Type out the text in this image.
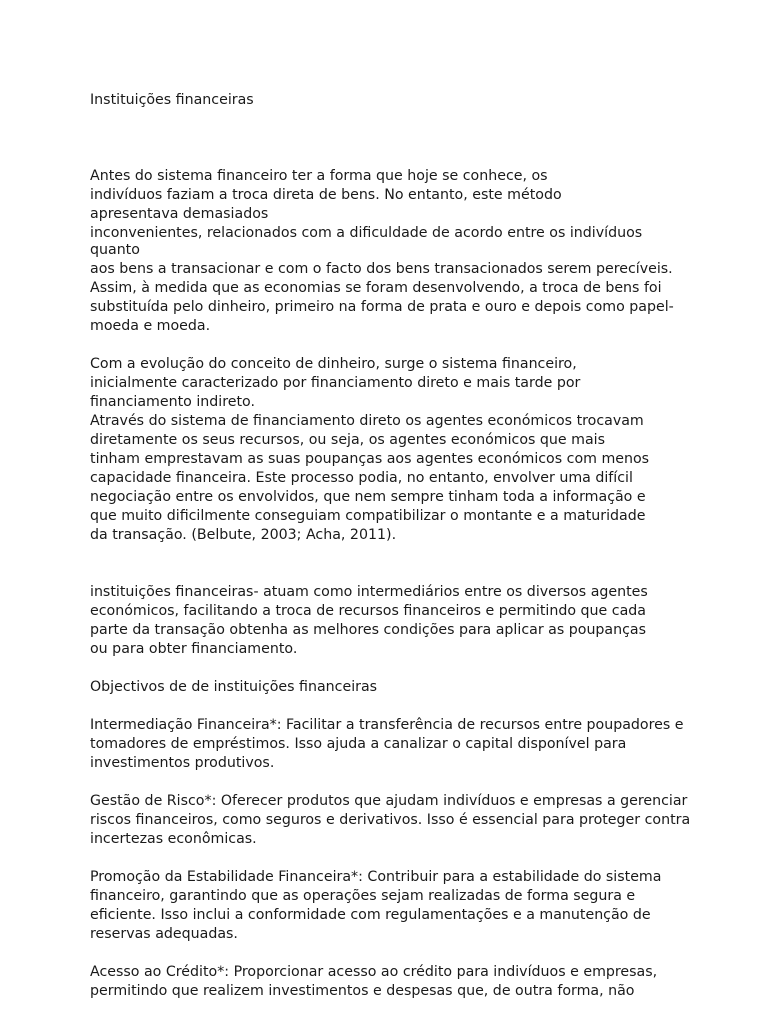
Instituições financeiras
Antes do sistema financeiro ter a forma que hoje se conhece, os
indivíduos faziam a troca direta de bens. No entanto, este método
apresentava demasiados
inconvenientes, relacionados com a dificuldade de acordo entre os indivíduos
quanto
aos bens a transacionar e com o facto dos bens transacionados serem perecíveis.
Assim, à medida que as economias se foram desenvolvendo, a troca de bens foi
substituída pelo dinheiro, primeiro na forma de prata e ouro e depois como papel-
moeda e moeda.
Com a evolução do conceito de dinheiro, surge o sistema financeiro,
inicialmente caracterizado por financiamento direto e mais tarde por
financiamento indireto.
Através do sistema de financiamento direto os agentes económicos trocavam
diretamente os seus recursos, ou seja, os agentes económicos que mais
tinham emprestavam as suas poupanças aos agentes económicos com menos
capacidade financeira. Este processo podia, no entanto, envolver uma difícil
negociação entre os envolvidos, que nem sempre tinham toda a informação e
que muito dificilmente conseguiam compatibilizar o montante e a maturidade
da transação. (Belbute, 2003; Acha, 2011).
instituições financeiras- atuam como intermediários entre os diversos agentes
económicos, facilitando a troca de recursos financeiros e permitindo que cada
parte da transação obtenha as melhores condições para aplicar as poupanças
ou para obter financiamento.
Objectivos de de instituições financeiras
Intermediação Financeira*: Facilitar a transferência de recursos entre poupadores e
tomadores de empréstimos. Isso ajuda a canalizar o capital disponível para
investimentos produtivos.
Gestão de Risco*: Oferecer produtos que ajudam indivíduos e empresas a gerenciar
riscos financeiros, como seguros e derivativos. Isso é essencial para proteger contra
incertezas econômicas.
Promoção da Estabilidade Financeira*: Contribuir para a estabilidade do sistema
financeiro, garantindo que as operações sejam realizadas de forma segura e
eficiente. Isso inclui a conformidade com regulamentações e a manutenção de
reservas adequadas.
Acesso ao Crédito*: Proporcionar acesso ao crédito para indivíduos e empresas,
permitindo que realizem investimentos e despesas que, de outra forma, não
